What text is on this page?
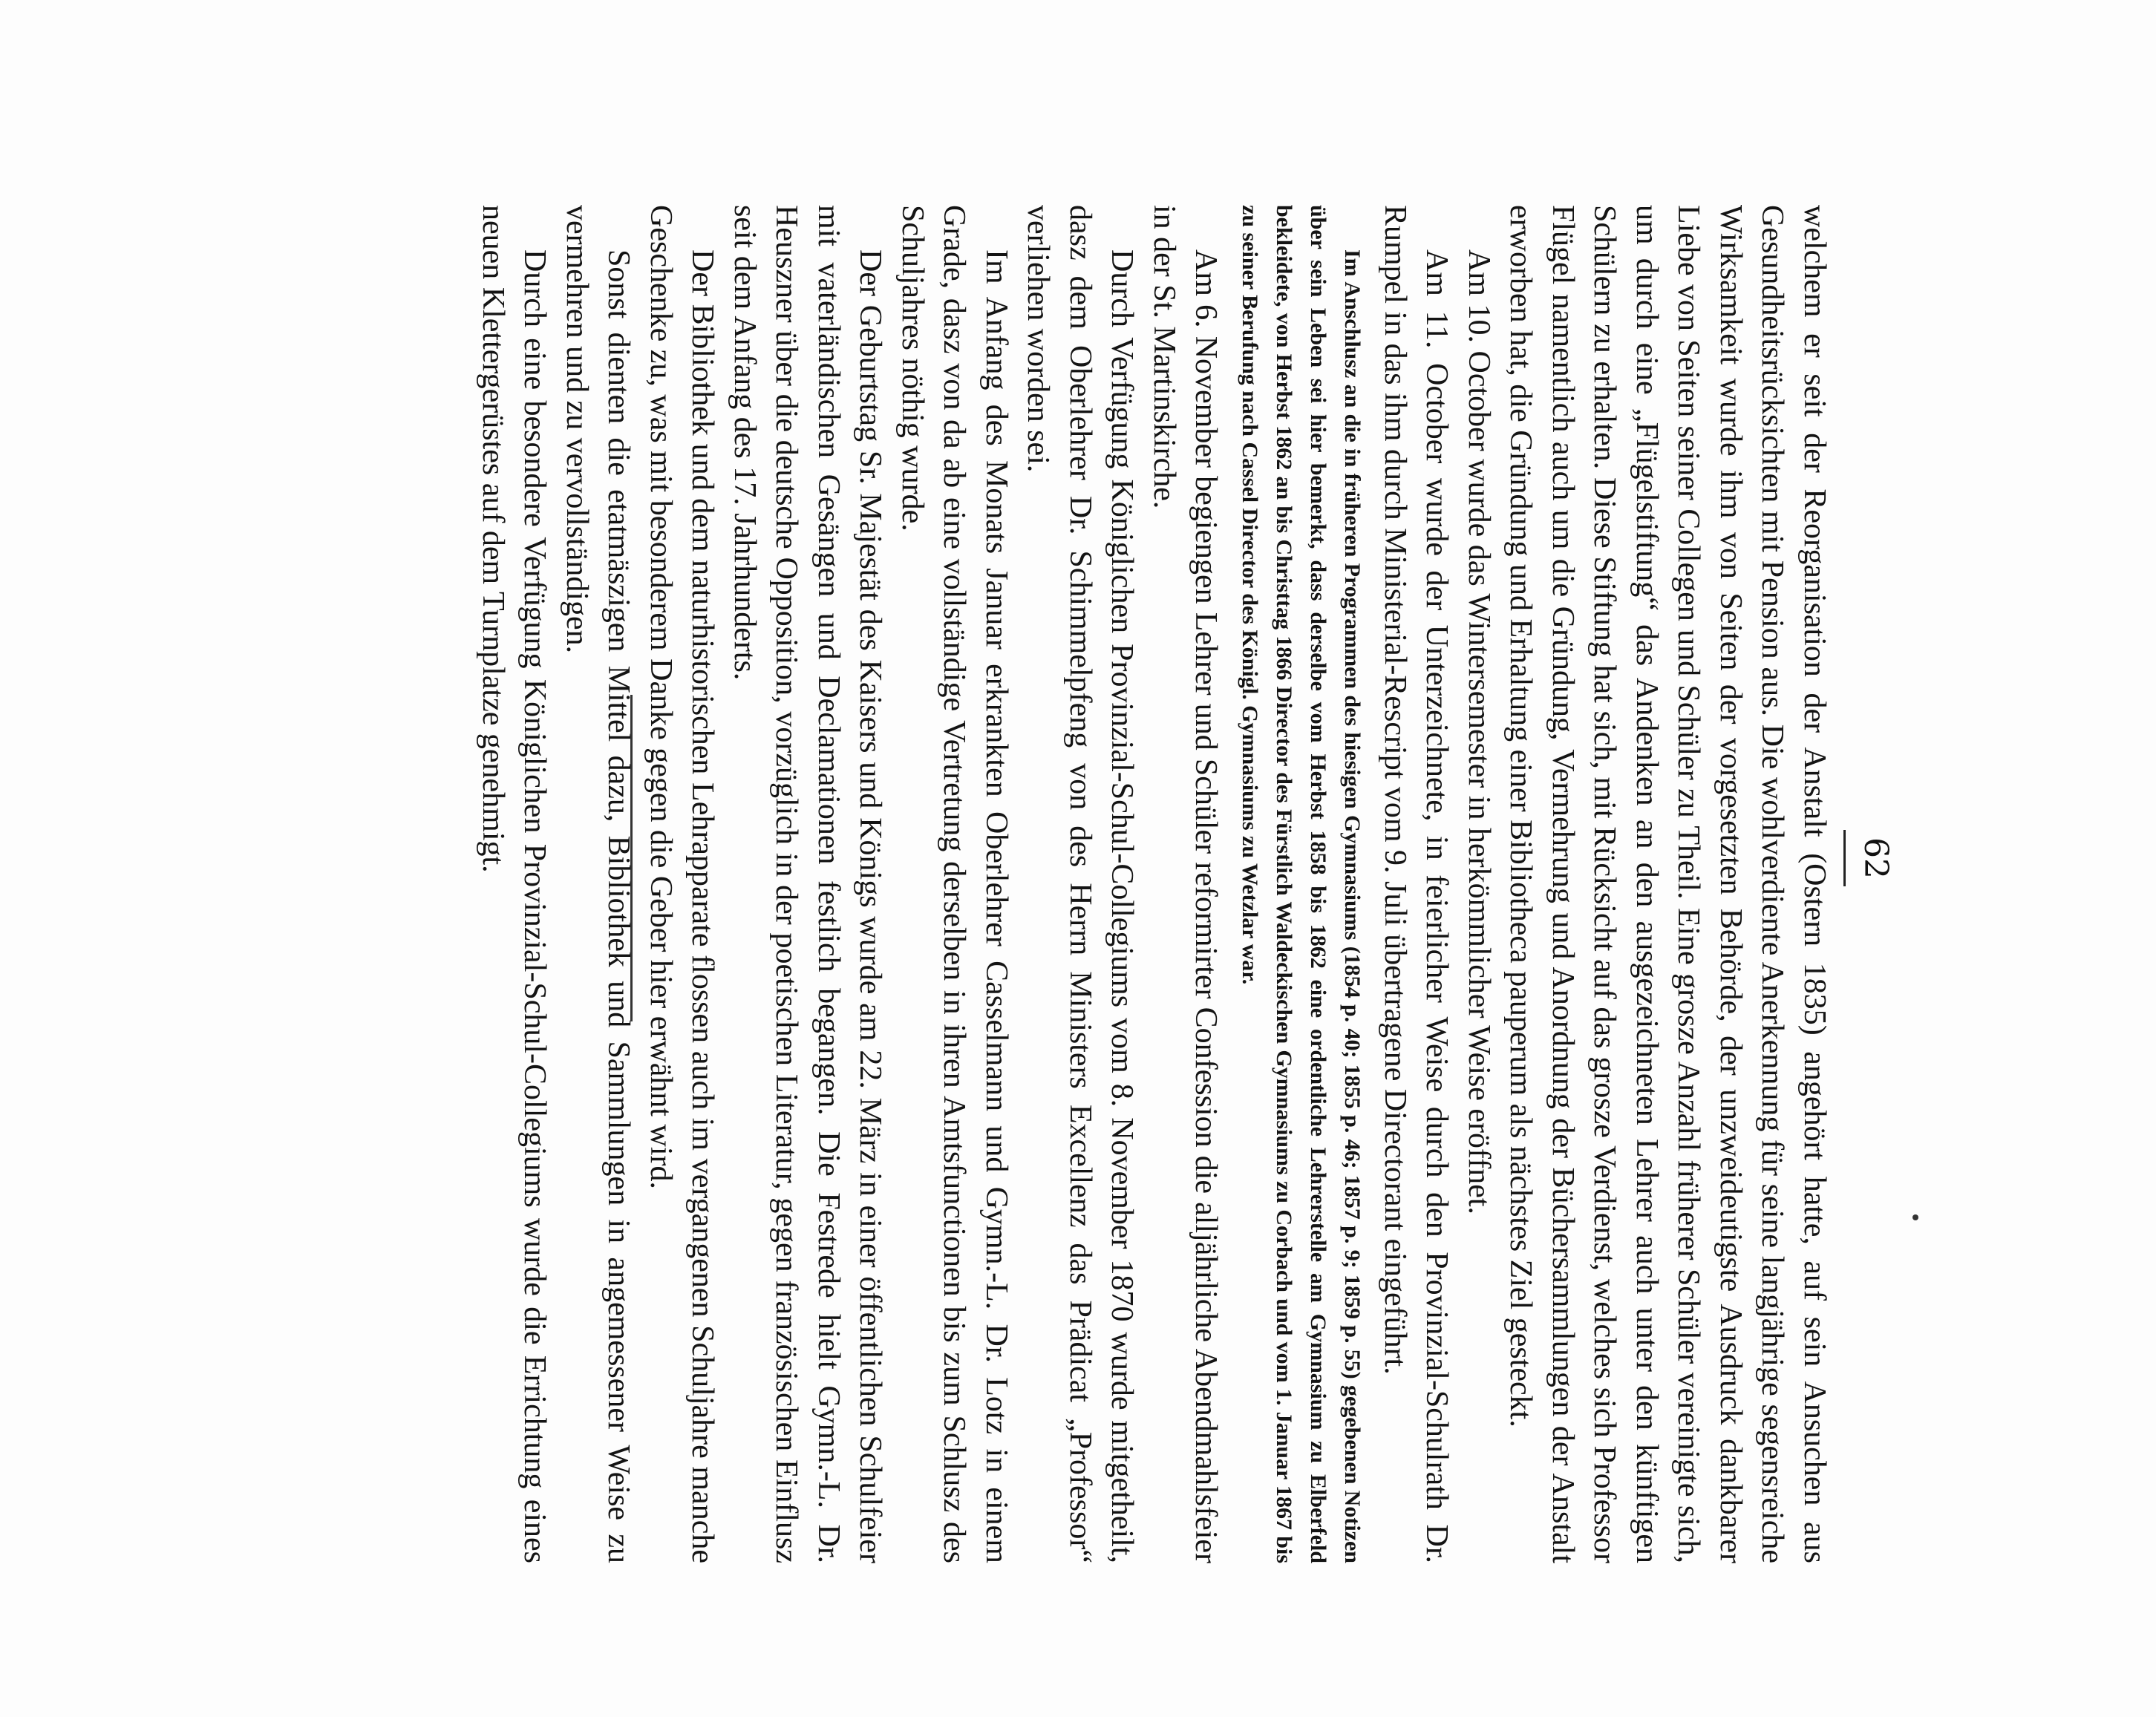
62

welchem er seit der Reorganisation der Anstalt (Ostern 1835) angehört hatte, auf sein Ansuchen aus Gesundheitsrücksichten mit Pension aus. Die wohlverdiente Anerkennung für seine langjährige segensreiche Wirksamkeit wurde ihm von Seiten der vorgesetzten Behörde, der unzweideutigste Ausdruck dankbarer Liebe von Seiten seiner Collegen und Schüler zu Theil. Eine grosze Anzahl früherer Schüler vereinigte sich, um durch eine „Flügelstiftung“ das Andenken an den ausgezeichneten Lehrer auch unter den künftigen Schülern zu erhalten. Diese Stiftung hat sich, mit Rücksicht auf das grosze Verdienst, welches sich Professor Flügel namentlich auch um die Gründung, Vermehrung und Anordnung der Büchersammlungen der Anstalt erworben hat, die Gründung und Erhaltung einer Bibliotheca pauperum als nächstes Ziel gesteckt.

Am 10. October wurde das Wintersemester in herkömmlicher Weise eröffnet.

Am 11. October wurde der Unterzeichnete, in feierlicher Weise durch den Provinzial-Schulrath Dr. Rumpel in das ihm durch Ministerial-Rescript vom 9. Juli übertragene Directorant eingeführt.

Im Anschlusz an die in früheren Programmen des hiesigen Gymnasiums (1854 p. 40; 1855 p. 46; 1857 p. 9; 1859 p. 55) gegebenen Notizen über sein Leben sei hier bemerkt, dass derselbe vom Herbst 1858 bis 1862 eine ordentliche Lehrerstelle am Gymnasium zu Elberfeld bekleidete, von Herbst 1862 an bis Christtag 1866 Director des Fürstlich Waldeckischen Gymnasiums zu Corbach und vom 1. Januar 1867 bis zu seiner Berufung nach Cassel Director des Königl. Gymnasiums zu Wetzlar war.

Am 6. November begiengen Lehrer und Schüler reformirter Confession die alljährliche Abendmahlsfeier in der St. Martinskirche.

Durch Verfügung Königlichen Provinzial-Schul-Collegiums vom 8. November 1870 wurde mitgetheilt, dasz dem Oberlehrer Dr. Schimmelpfeng von des Herrn Ministers Excellenz das Prädicat „Professor“ verliehen worden sei.

Im Anfang des Monats Januar erkrankten Oberlehrer Casselmann und Gymn.-L. Dr. Lotz in einem Grade, dasz von da ab eine vollständige Vertretung derselben in ihren Amtsfunctionen bis zum Schlusz des Schuljahres nöthig wurde.

Der Geburtstag Sr. Majestät des Kaisers und Königs wurde am 22. März in einer öffentlichen Schulfeier mit vaterländischen Gesängen und Declamationen festlich begangen. Die Festrede hielt Gymn.-L. Dr. Heuszner über die deutsche Opposition, vorzüglich in der poetischen Literatur, gegen französischen Einflusz seit dem Anfang des 17. Jahrhunderts.

Der Bibliothek und dem naturhistorischen Lehrapparate flossen auch im vergangenen Schuljahre manche Geschenke zu, was mit besonderem Danke gegen die Geber hier erwähnt wird.

Sonst dienten die etatmäszigen Mittel dazu, Bibliothek und Sammlungen in angemessener Weise zu vermehren und zu vervollständigen.

Durch eine besondere Verfügung Königlichen Provinzial-Schul-Collegiums wurde die Errichtung eines neuen Klettergerüstes auf dem Turnplatze genehmigt.
